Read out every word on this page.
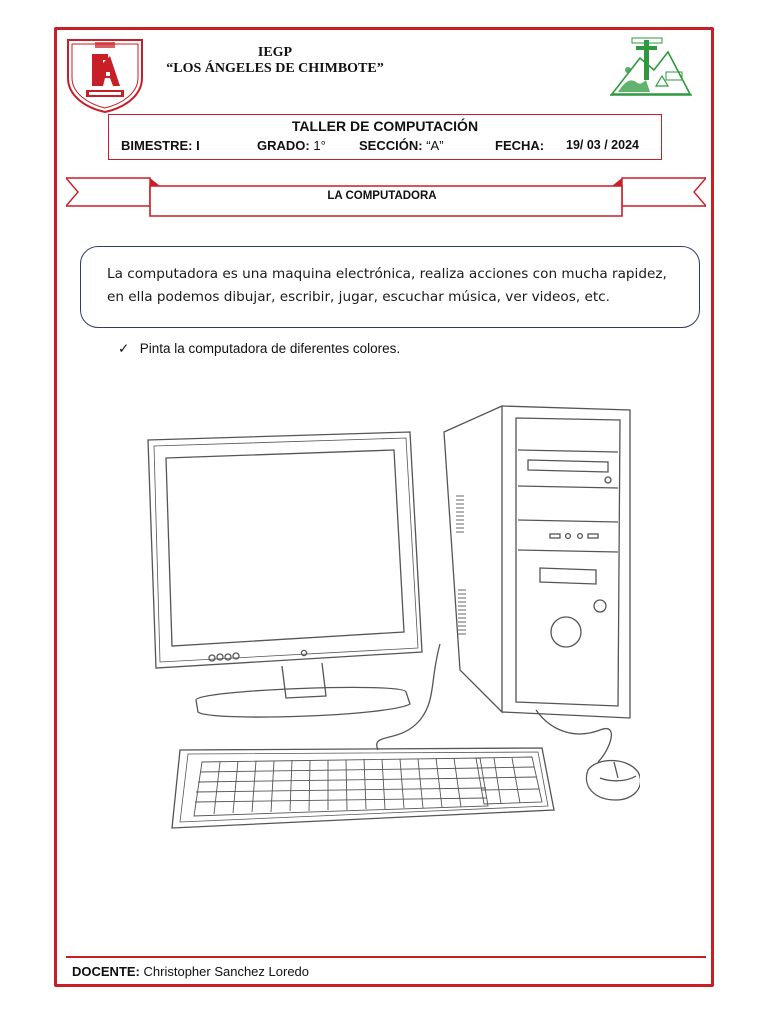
IEGP
“LOS ÁNGELES DE CHIMBOTE”
TALLER DE COMPUTACIÓN
BIMESTRE: I	GRADO: 1°	SECCIÓN: “A”	FECHA: 19/ 03 / 2024
LA COMPUTADORA

La computadora es una maquina electrónica, realiza acciones con mucha rapidez,
en ella podemos dibujar, escribir, jugar, escuchar música, ver videos, etc.

✓ Pinta la computadora de diferentes colores.
DOCENTE: Christopher Sanchez Loredo
